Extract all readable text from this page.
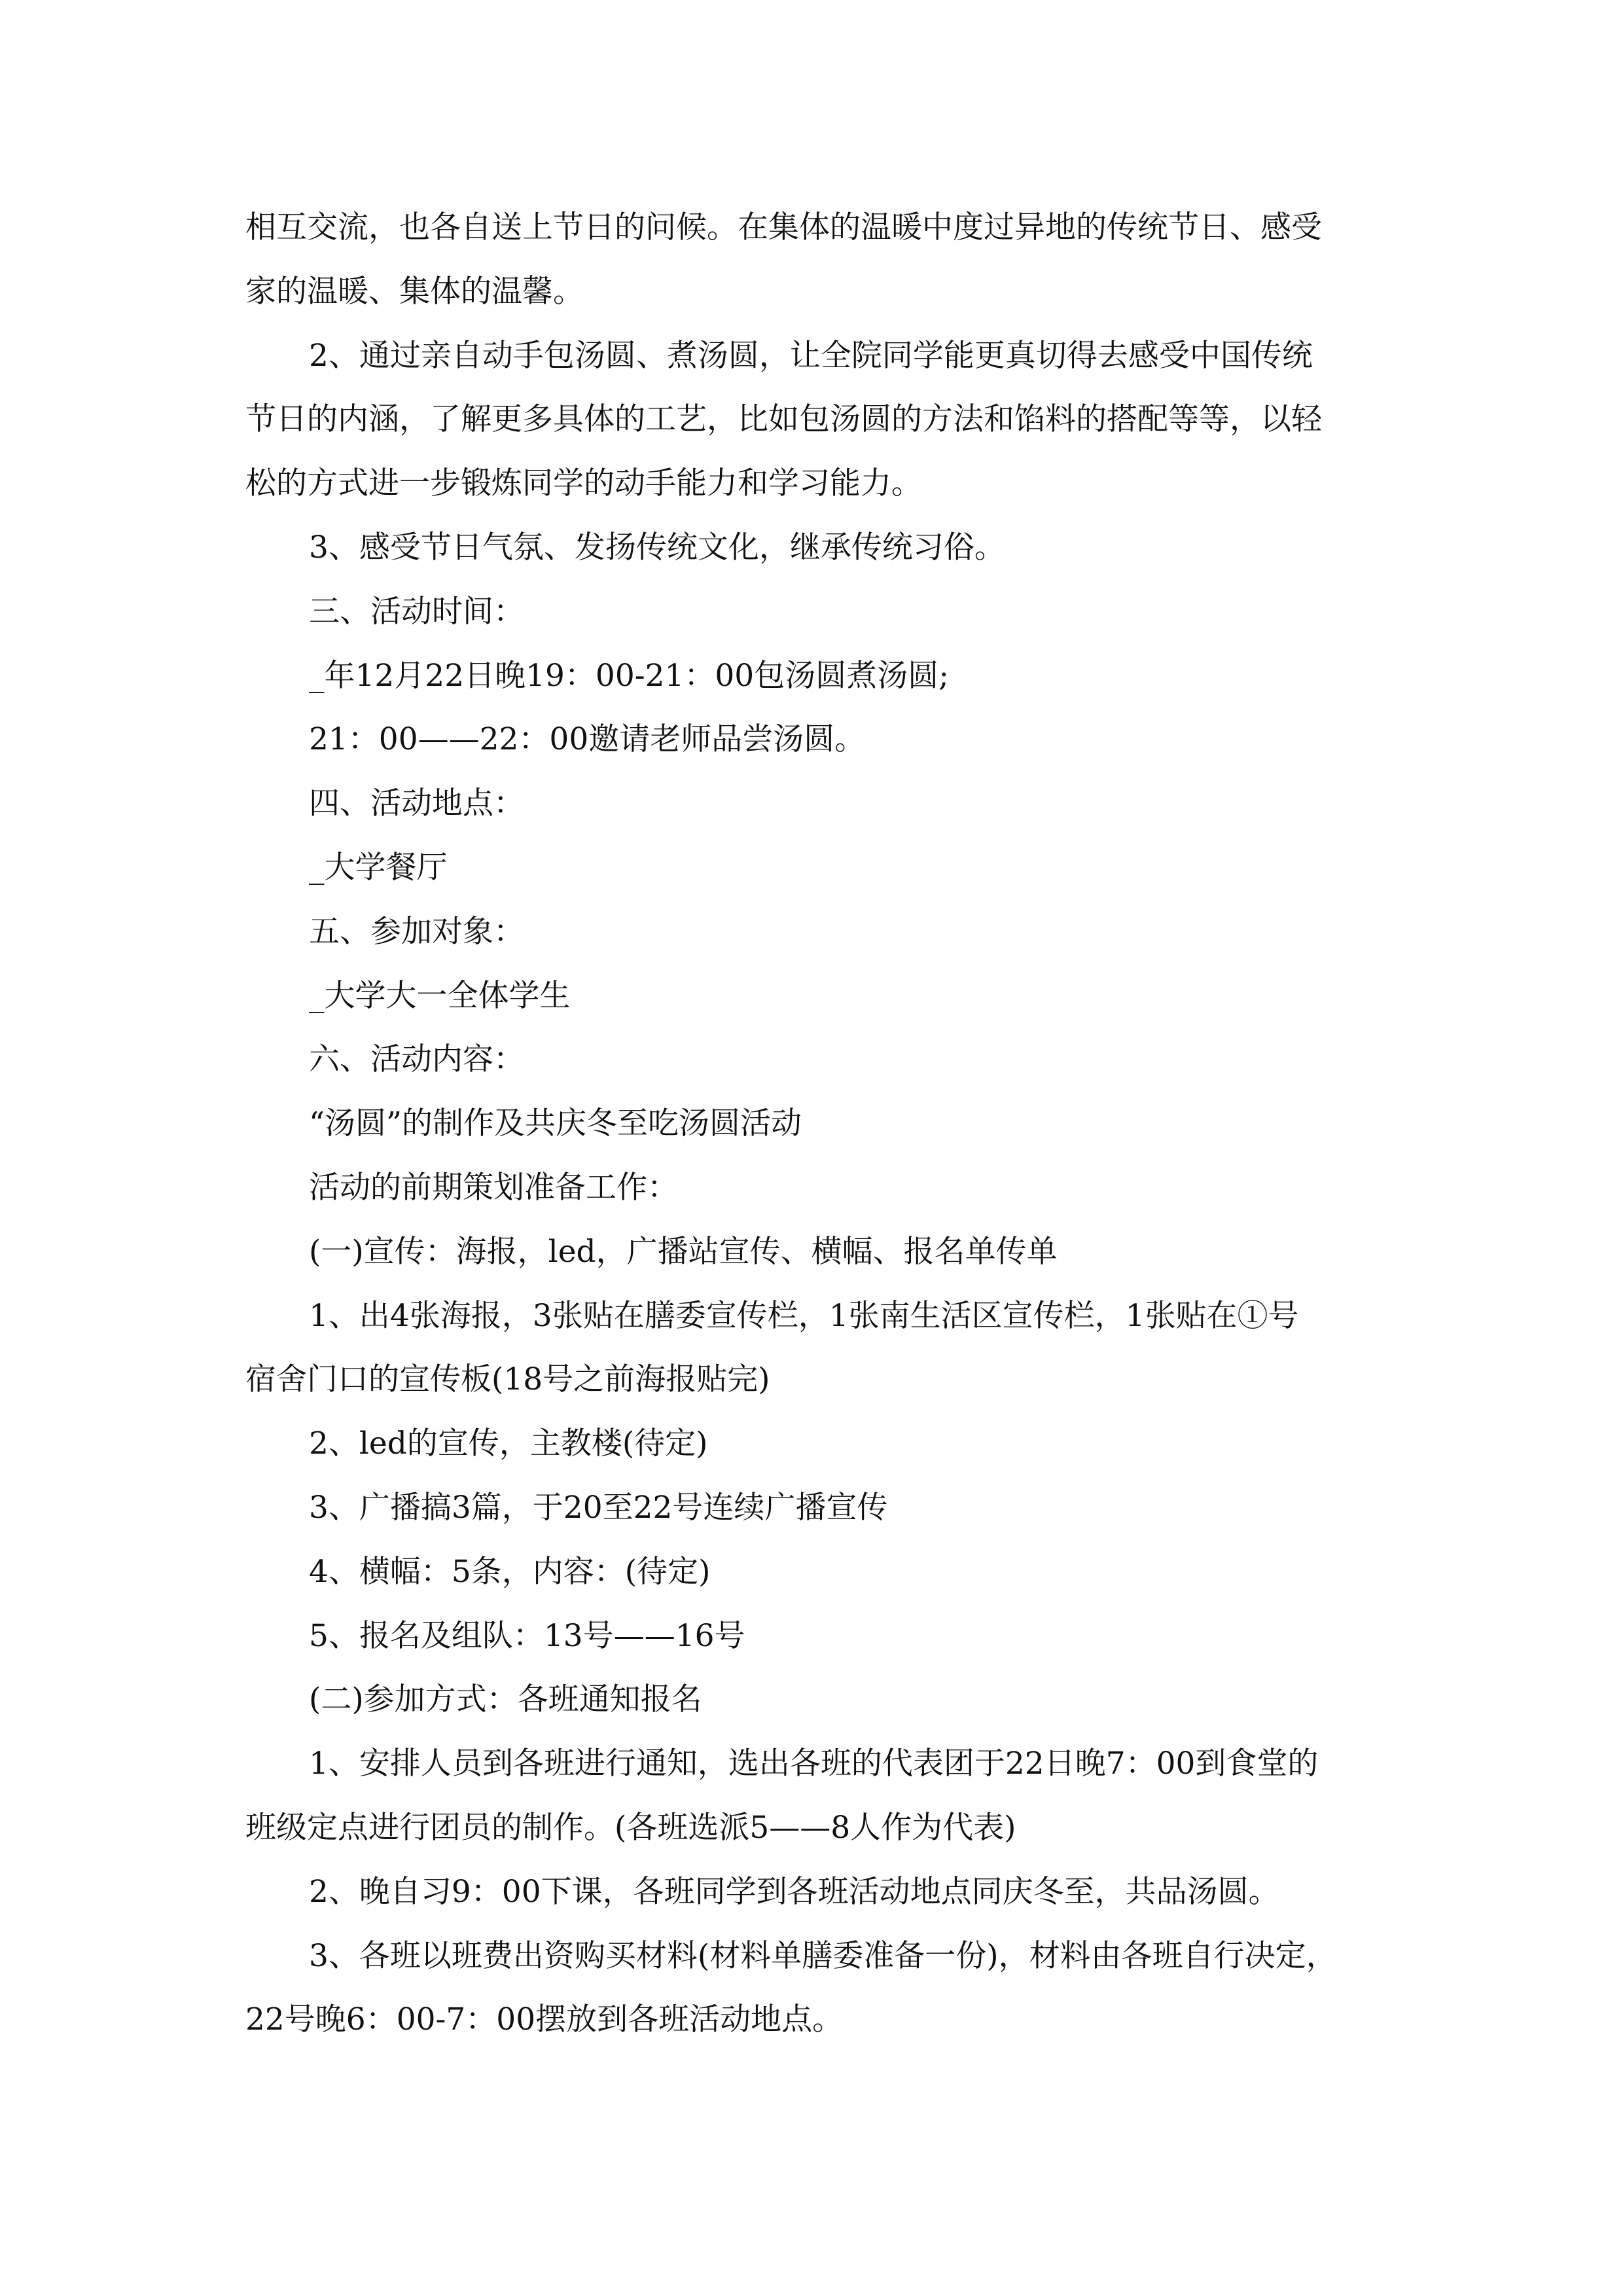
相互交流，也各自送上节日的问候。在集体的温暖中度过异地的传统节日、感受

家的温暖、集体的温馨。

2、通过亲自动手包汤圆、煮汤圆，让全院同学能更真切得去感受中国传统

节日的内涵，了解更多具体的工艺，比如包汤圆的方法和馅料的搭配等等，以轻

松的方式进一步锻炼同学的动手能力和学习能力。

3、感受节日气氛、发扬传统文化，继承传统习俗。

三、活动时间：

_年12月22日晚19：00-21：00包汤圆煮汤圆;

21：00——22：00邀请老师品尝汤圆。

四、活动地点：

_大学餐厅

五、参加对象：

_大学大一全体学生

六、活动内容：

“汤圆”的制作及共庆冬至吃汤圆活动

活动的前期策划准备工作：

(一)宣传：海报，led，广播站宣传、横幅、报名单传单

1、出4张海报，3张贴在膳委宣传栏，1张南生活区宣传栏，1张贴在①号

宿舍门口的宣传板(18号之前海报贴完)

2、led的宣传，主教楼(待定)

3、广播搞3篇，于20至22号连续广播宣传

4、横幅：5条，内容：(待定)

5、报名及组队：13号——16号

(二)参加方式：各班通知报名

1、安排人员到各班进行通知，选出各班的代表团于22日晚7：00到食堂的

班级定点进行团员的制作。(各班选派5——8人作为代表)

2、晚自习9：00下课，各班同学到各班活动地点同庆冬至，共品汤圆。

3、各班以班费出资购买材料(材料单膳委准备一份)，材料由各班自行决定，

22号晚6：00-7：00摆放到各班活动地点。
